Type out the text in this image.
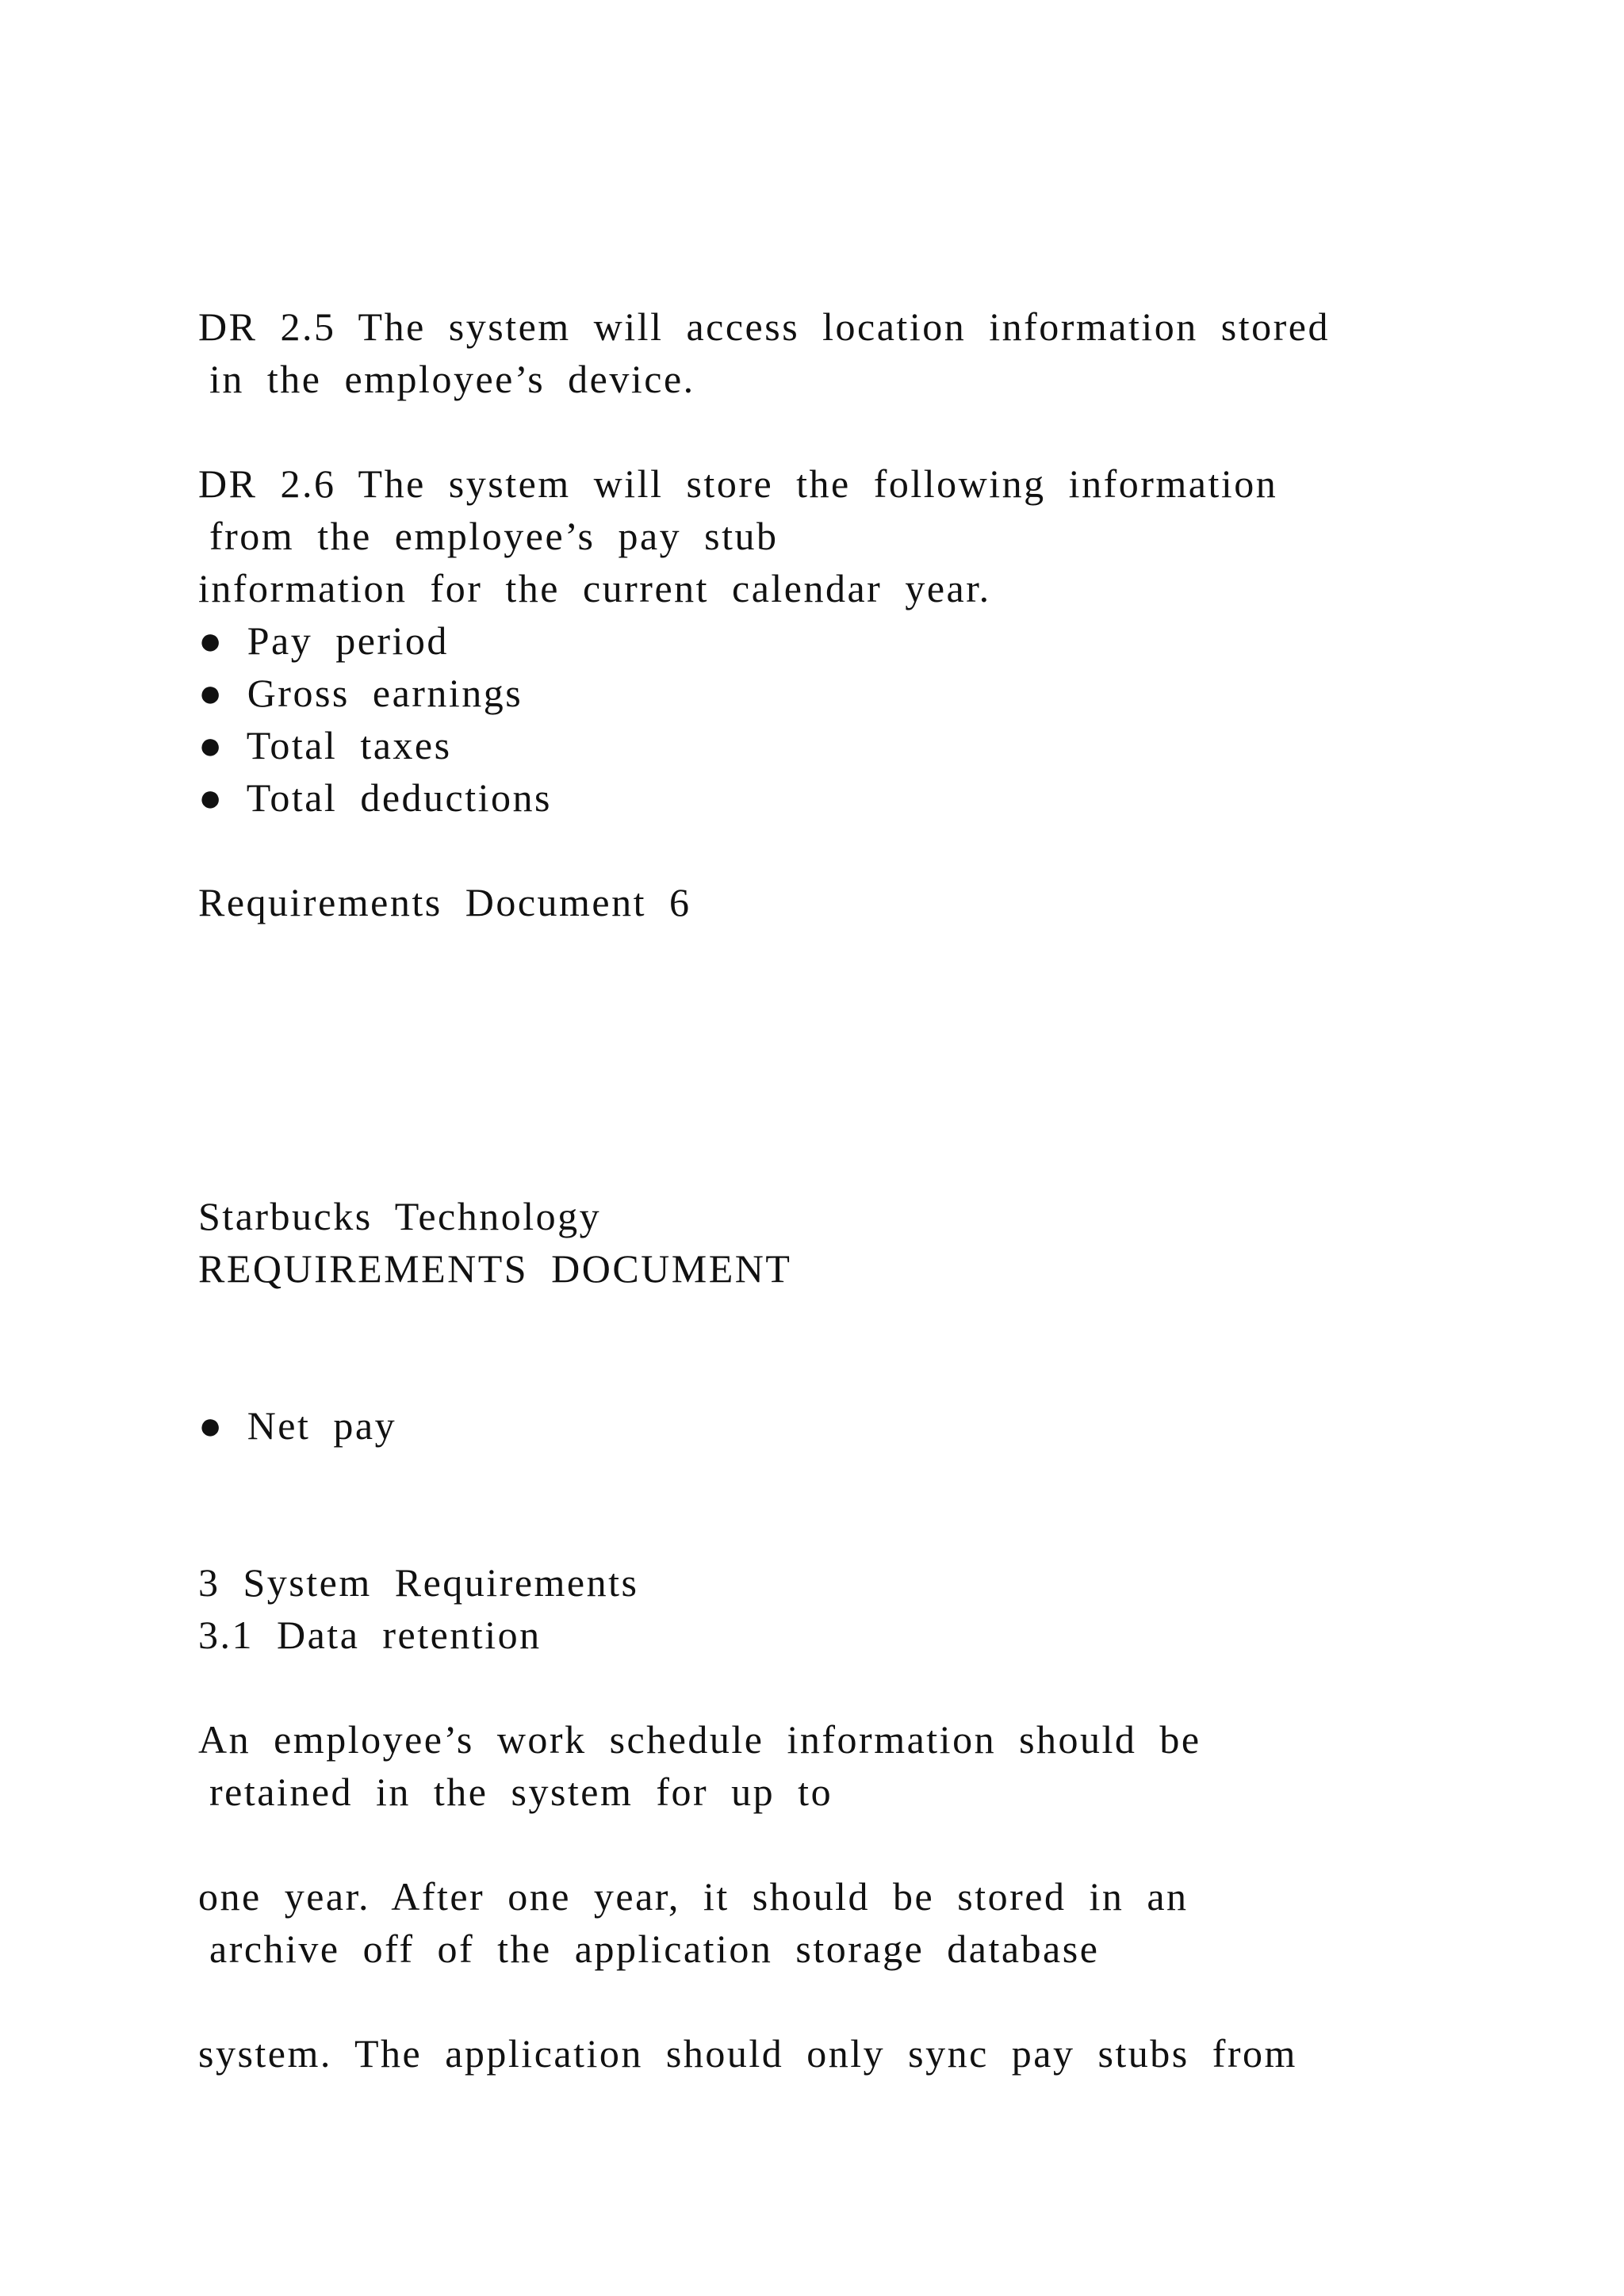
DR 2.5 The system will access location information stored
in the employee’s device.
DR 2.6 The system will store the following information
from the employee’s pay stub
information for the current calendar year.
● Pay period
● Gross earnings
● Total taxes
● Total deductions
Requirements Document 6
Starbucks Technology
REQUIREMENTS DOCUMENT
● Net pay
3 System Requirements
3.1 Data retention
An employee’s work schedule information should be
retained in the system for up to
one year. After one year, it should be stored in an
archive off of the application storage database
system. The application should only sync pay stubs from
